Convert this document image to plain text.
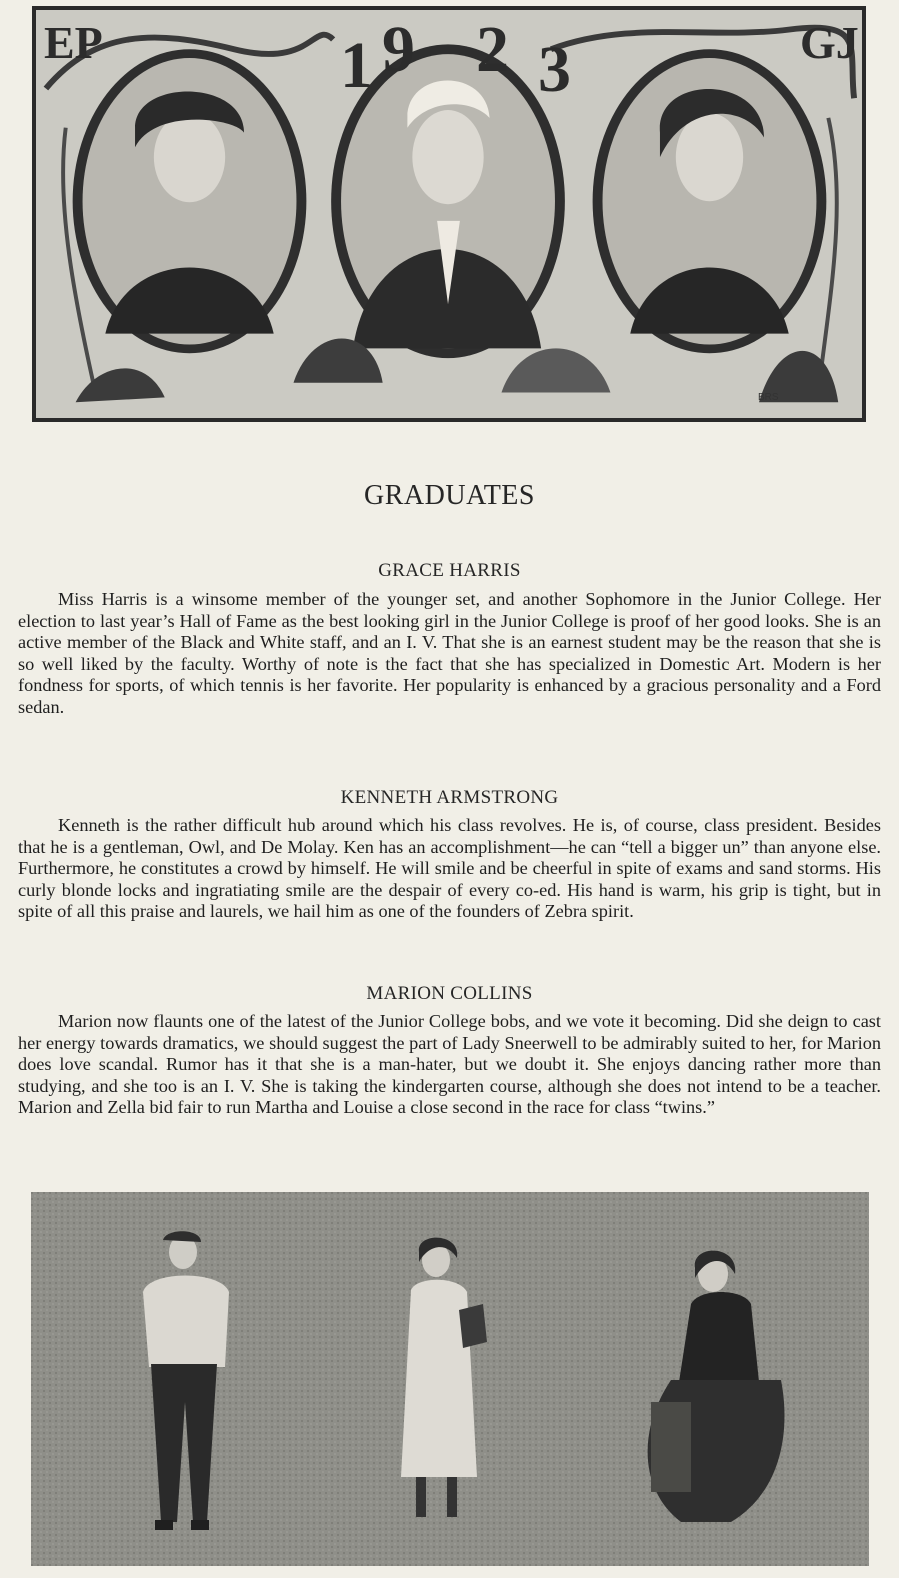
EP	1 9 2 3	GJ
BRS
GRADUATES
GRACE HARRIS

Miss Harris is a winsome member of the younger set, and another Sophomore in the Junior College. Her election to last year’s Hall of Fame as the best looking girl in the Junior College is proof of her good looks. She is an active member of the Black and White staff, and an I. V. That she is an earnest student may be the reason that she is so well liked by the faculty. Worthy of note is the fact that she has specialized in Domestic Art. Modern is her fondness for sports, of which tennis is her favorite. Her popularity is enhanced by a gracious personality and a Ford sedan.

KENNETH ARMSTRONG

Kenneth is the rather difficult hub around which his class revolves. He is, of course, class president. Besides that he is a gentleman, Owl, and De Molay. Ken has an accomplishment—he can “tell a bigger un” than anyone else. Furthermore, he constitutes a crowd by himself. He will smile and be cheerful in spite of exams and sand storms. His curly blonde locks and ingratiating smile are the despair of every co-ed. His hand is warm, his grip is tight, but in spite of all this praise and laurels, we hail him as one of the founders of Zebra spirit.

MARION COLLINS

Marion now flaunts one of the latest of the Junior College bobs, and we vote it becoming. Did she deign to cast her energy towards dramatics, we should suggest the part of Lady Sneerwell to be admirably suited to her, for Marion does love scandal. Rumor has it that she is a man-hater, but we doubt it. She enjoys dancing rather more than studying, and she too is an I. V. She is taking the kindergarten course, although she does not intend to be a teacher. Marion and Zella bid fair to run Martha and Louise a close second in the race for class “twins.”
